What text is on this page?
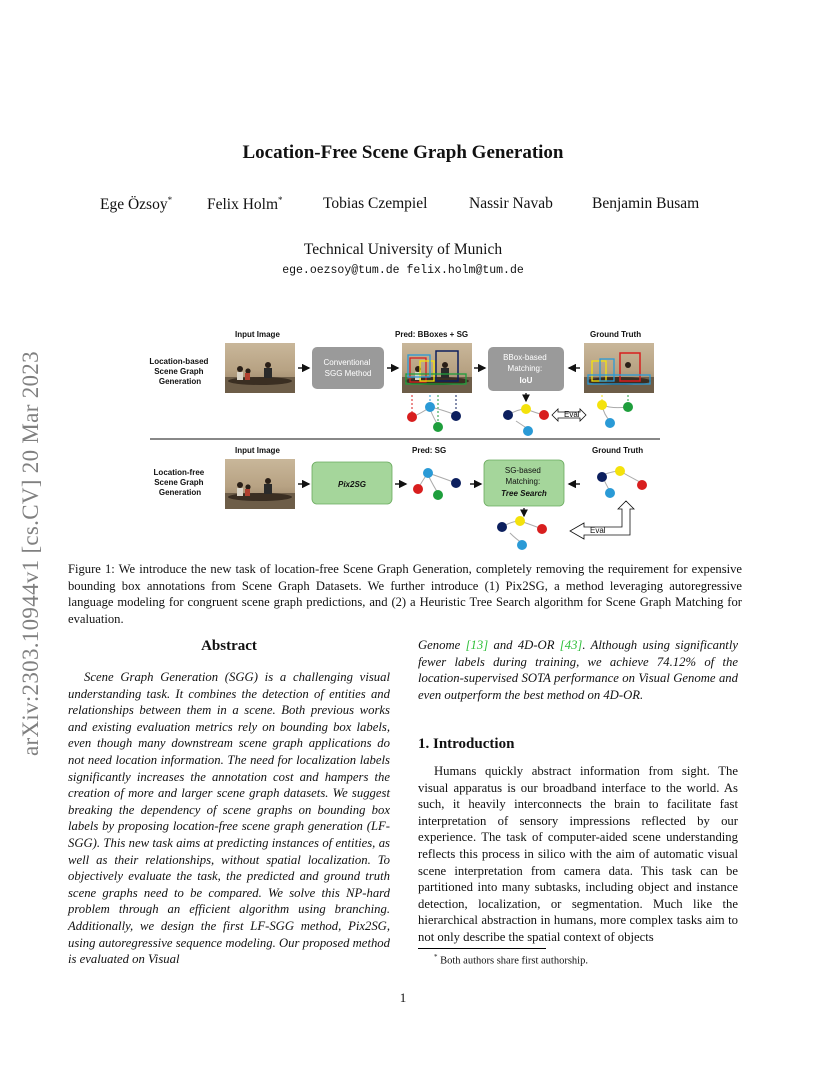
arXiv:2303.10944v1 [cs.CV] 20 Mar 2023
Location-Free Scene Graph Generation
Ege Özsoy* Felix Holm*	Tobias Czempiel	Nassir Navab	Benjamin Busam
Technical University of Munich
ege.oezsoy@tum.de felix.holm@tum.de
Input Image	Pred: BBoxes + SG	Ground Truth
Location-based Scene Graph Generation
Conventional SGG Method
BBox-based Matching: IoU
Eval
Input Image	Pred: SG	Ground Truth
Location-free Scene Graph Generation
Pix2SG
SG-based Matching: Tree Search
Eval
Figure 1: We introduce the new task of location-free Scene Graph Generation, completely removing the requirement for expensive bounding box annotations from Scene Graph Datasets. We further introduce (1) Pix2SG, a method leveraging autoregressive language modeling for congruent scene graph predictions, and (2) a Heuristic Tree Search algorithm for Scene Graph Matching for evaluation.
Abstract
Scene Graph Generation (SGG) is a challenging visual understanding task. It combines the detection of entities and relationships between them in a scene. Both previous works and existing evaluation metrics rely on bounding box labels, even though many downstream scene graph applications do not need location information. The need for localization labels significantly increases the annotation cost and hampers the creation of more and larger scene graph datasets. We suggest breaking the dependency of scene graphs on bounding box labels by proposing location-free scene graph generation (LF-SGG). This new task aims at predicting instances of entities, as well as their relationships, without spatial localization. To objectively evaluate the task, the predicted and ground truth scene graphs need to be compared. We solve this NP-hard problem through an efficient algorithm using branching. Additionally, we design the first LF-SGG method, Pix2SG, using autoregressive sequence modeling. Our proposed method is evaluated on Visual
Genome [13] and 4D-OR [43]. Although using significantly fewer labels during training, we achieve 74.12% of the location-supervised SOTA performance on Visual Genome and even outperform the best method on 4D-OR.
1. Introduction
Humans quickly abstract information from sight. The visual apparatus is our broadband interface to the world. As such, it heavily interconnects the brain to facilitate fast interpretation of sensory impressions reflected by our experience. The task of computer-aided scene understanding reflects this process in silico with the aim of automatic visual scene interpretation from camera data. This task can be partitioned into many subtasks, including object and instance detection, localization, or segmentation. Much like the hierarchical abstraction in humans, more complex tasks aim to not only describe the spatial context of objects
* Both authors share first authorship.
1
